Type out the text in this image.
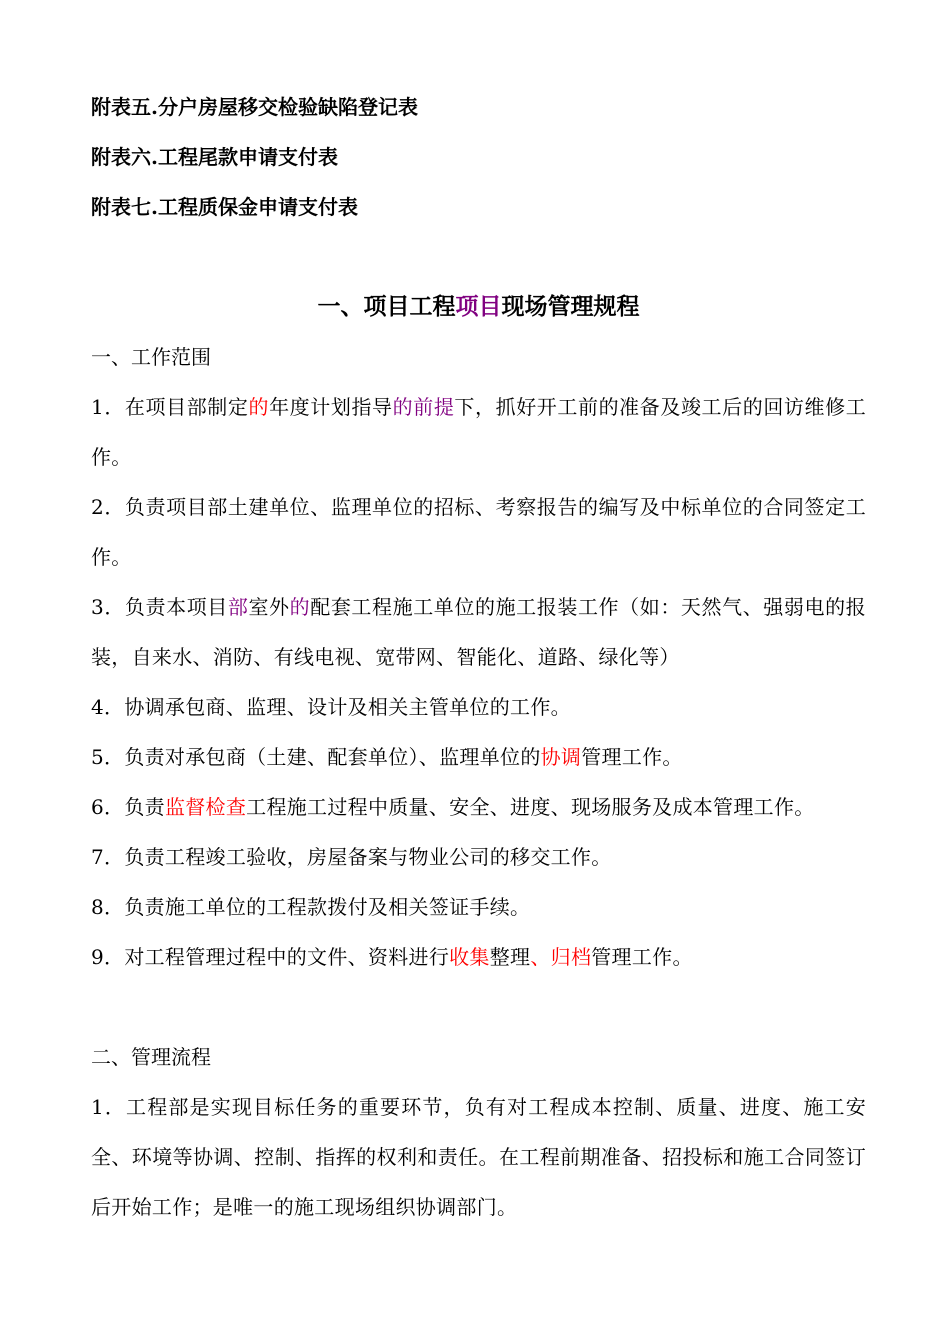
附表五.分户房屋移交检验缺陷登记表
附表六.工程尾款申请支付表
附表七.工程质保金申请支付表
一、项目工程项目现场管理规程
一、工作范围
1．在项目部制定的年度计划指导的前提下，抓好开工前的准备及竣工后的回访维修工作。
2．负责项目部土建单位、监理单位的招标、考察报告的编写及中标单位的合同签定工作。
3．负责本项目部室外的配套工程施工单位的施工报装工作（如：天然气、强弱电的报装，自来水、消防、有线电视、宽带网、智能化、道路、绿化等）
4．协调承包商、监理、设计及相关主管单位的工作。
5．负责对承包商（土建、配套单位）、监理单位的协调管理工作。
6．负责监督检查工程施工过程中质量、安全、进度、现场服务及成本管理工作。
7．负责工程竣工验收，房屋备案与物业公司的移交工作。
8．负责施工单位的工程款拨付及相关签证手续。
9．对工程管理过程中的文件、资料进行收集整理、归档管理工作。
二、管理流程
1．工程部是实现目标任务的重要环节，负有对工程成本控制、质量、进度、施工安全、环境等协调、控制、指挥的权利和责任。在工程前期准备、招投标和施工合同签订后开始工作；是唯一的施工现场组织协调部门。
